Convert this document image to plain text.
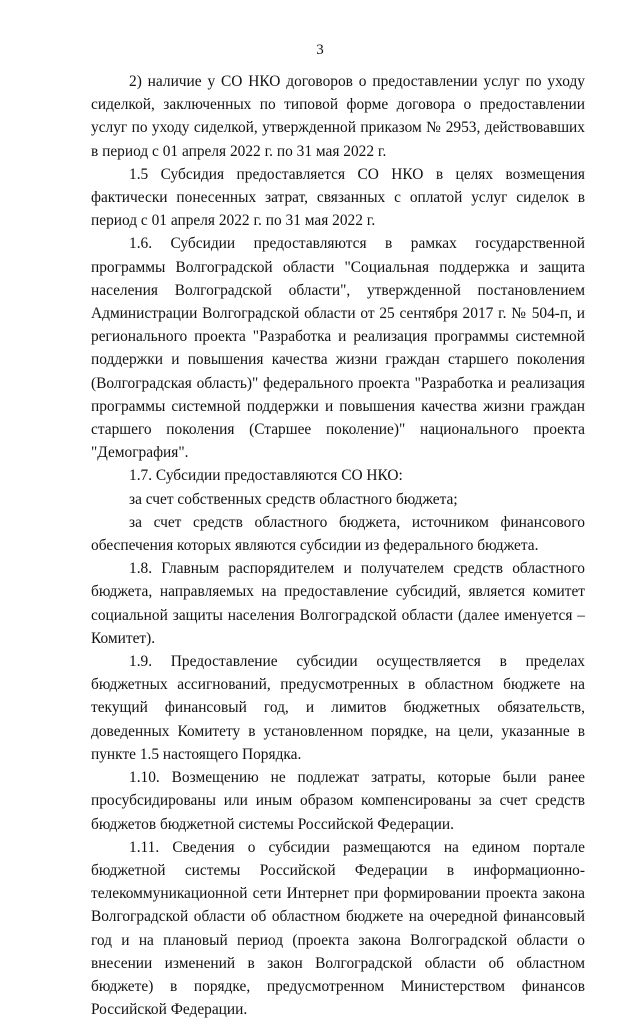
3

2) наличие у СО НКО договоров о предоставлении услуг по уходу сиделкой, заключенных по типовой форме договора о предоставлении услуг по уходу сиделкой, утвержденной приказом № 2953, действовавших в период с 01 апреля 2022 г. по 31 мая 2022 г.

1.5 Субсидия предоставляется СО НКО в целях возмещения фактически понесенных затрат, связанных с оплатой услуг сиделок в период с 01 апреля 2022 г. по 31 мая 2022 г.

1.6. Субсидии предоставляются в рамках государственной программы Волгоградской области "Социальная поддержка и защита населения Волгоградской области", утвержденной постановлением Администрации Волгоградской области от 25 сентября 2017 г. № 504-п, и регионального проекта "Разработка и реализация программы системной поддержки и повышения качества жизни граждан старшего поколения (Волгоградская область)" федерального проекта "Разработка и реализация программы системной поддержки и повышения качества жизни граждан старшего поколения (Старшее поколение)" национального проекта "Демография".

1.7. Субсидии предоставляются СО НКО:

за счет собственных средств областного бюджета;

за счет средств областного бюджета, источником финансового обеспечения которых являются субсидии из федерального бюджета.

1.8. Главным распорядителем и получателем средств областного бюджета, направляемых на предоставление субсидий, является комитет социальной защиты населения Волгоградской области (далее именуется – Комитет).

1.9. Предоставление субсидии осуществляется в пределах бюджетных ассигнований, предусмотренных в областном бюджете на текущий финансовый год, и лимитов бюджетных обязательств, доведенных Комитету в установленном порядке, на цели, указанные в пункте 1.5 настоящего Порядка.

1.10. Возмещению не подлежат затраты, которые были ранее просубсидированы или иным образом компенсированы за счет средств бюджетов бюджетной системы Российской Федерации.

1.11. Сведения о субсидии размещаются на едином портале бюджетной системы Российской Федерации в информационно-телекоммуникационной сети Интернет при формировании проекта закона Волгоградской области об областном бюджете на очередной финансовый год и на плановый период (проекта закона Волгоградской области о внесении изменений в закон Волгоградской области об областном бюджете) в порядке, предусмотренном Министерством финансов Российской Федерации.
